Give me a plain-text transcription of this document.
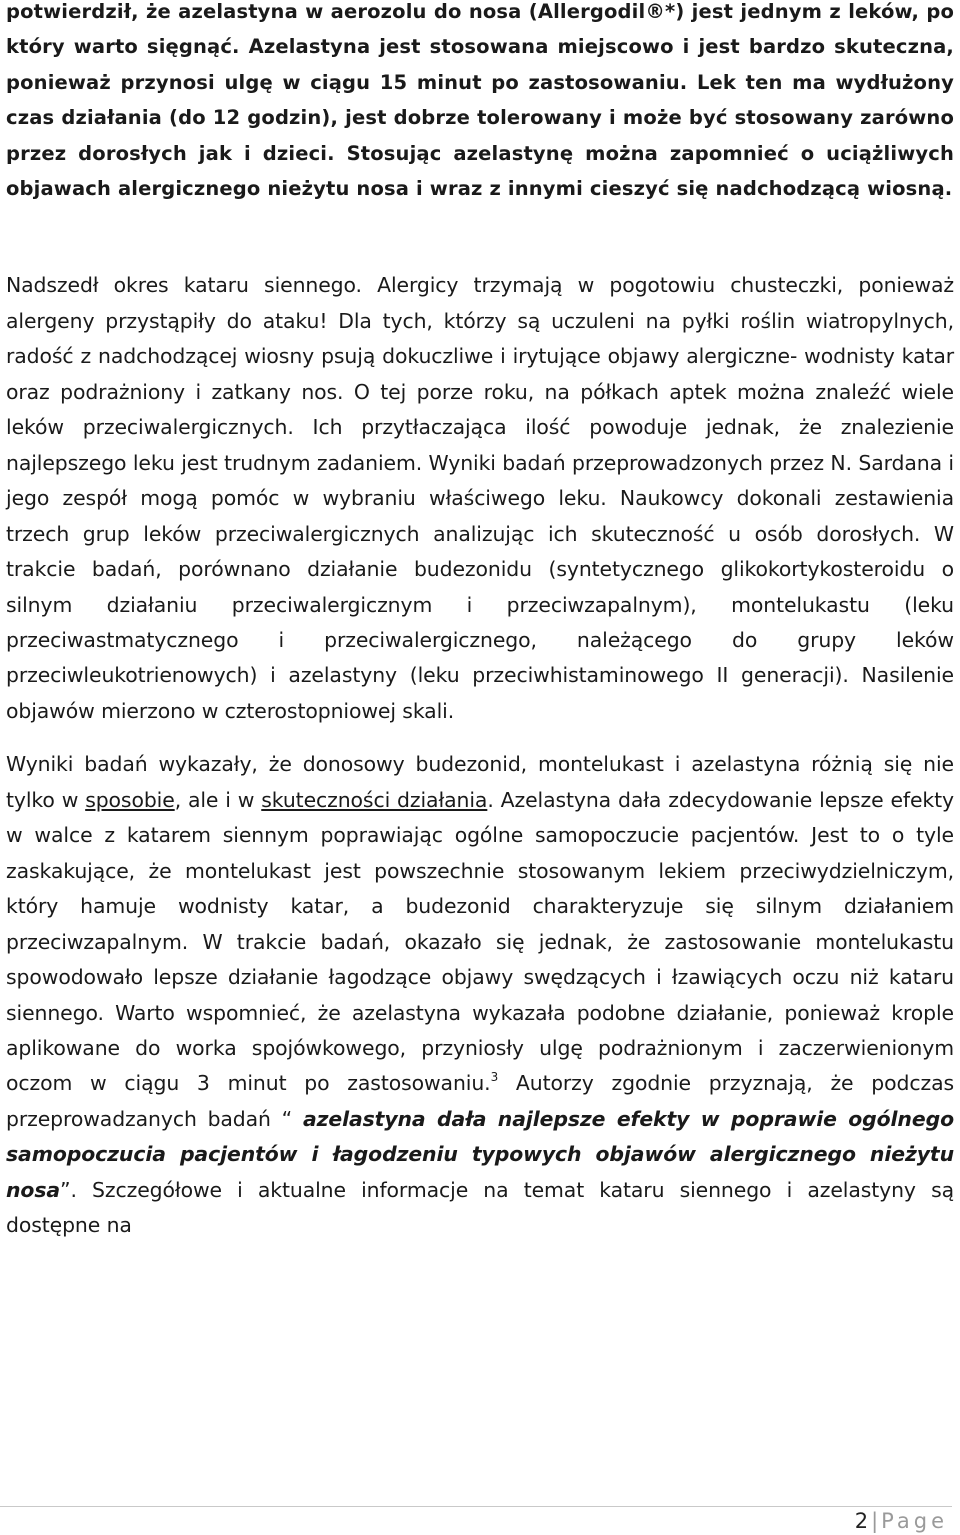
potwierdził, że azelastyna w aerozolu do nosa (Allergodil®*) jest jednym z leków, po który warto sięgnąć. Azelastyna jest stosowana miejscowo i jest bardzo skuteczna, ponieważ przynosi ulgę w ciągu 15 minut po zastosowaniu. Lek ten ma wydłużony czas działania (do 12 godzin), jest dobrze tolerowany i może być stosowany zarówno przez dorosłych jak i dzieci. Stosując azelastynę można zapomnieć o uciążliwych objawach alergicznego nieżytu nosa i wraz z innymi cieszyć się nadchodzącą wiosną.

Nadszedł okres kataru siennego. Alergicy trzymają w pogotowiu chusteczki, ponieważ alergeny przystąpiły do ataku! Dla tych, którzy są uczuleni na pyłki roślin wiatropylnych, radość z nadchodzącej wiosny psują dokuczliwe i irytujące objawy alergiczne- wodnisty katar oraz podrażniony i zatkany nos. O tej porze roku, na półkach aptek można znaleźć wiele leków przeciwalergicznych. Ich przytłaczająca ilość powoduje jednak, że znalezienie najlepszego leku jest trudnym zadaniem. Wyniki badań przeprowadzonych przez N. Sardana i jego zespół mogą pomóc w wybraniu właściwego leku. Naukowcy dokonali zestawienia trzech grup leków przeciwalergicznych analizując ich skuteczność u osób dorosłych. W trakcie badań, porównano działanie budezonidu (syntetycznego glikokortykosteroidu o silnym działaniu przeciwalergicznym i przeciwzapalnym), montelukastu (leku przeciwastmatycznego i przeciwalergicznego, należącego do grupy leków przeciwleukotrienowych) i azelastyny (leku przeciwhistaminowego II generacji). Nasilenie objawów mierzono w czterostopniowej skali.

Wyniki badań wykazały, że donosowy budezonid, montelukast i azelastyna różnią się nie tylko w sposobie, ale i w skuteczności działania. Azelastyna dała zdecydowanie lepsze efekty w walce z katarem siennym poprawiając ogólne samopoczucie pacjentów. Jest to o tyle zaskakujące, że montelukast jest powszechnie stosowanym lekiem przeciwydzielniczym, który hamuje wodnisty katar, a budezonid charakteryzuje się silnym działaniem przeciwzapalnym. W trakcie badań, okazało się jednak, że zastosowanie montelukastu spowodowało lepsze działanie łagodzące objawy swędzących i łzawiących oczu niż kataru siennego. Warto wspomnieć, że azelastyna wykazała podobne działanie, ponieważ krople aplikowane do worka spojówkowego, przyniosły ulgę podrażnionym i zaczerwienionym oczom w ciągu 3 minut po zastosowaniu.$^3$ Autorzy zgodnie przyznają, że podczas przeprowadzanych badań “ azelastyna dała najlepsze efekty w poprawie ogólnego samopoczucia pacjentów i łagodzeniu typowych objawów alergicznego nieżytu nosa”. Szczegółowe i aktualne informacje na temat kataru siennego i azelastyny są dostępne na

2 | Page
